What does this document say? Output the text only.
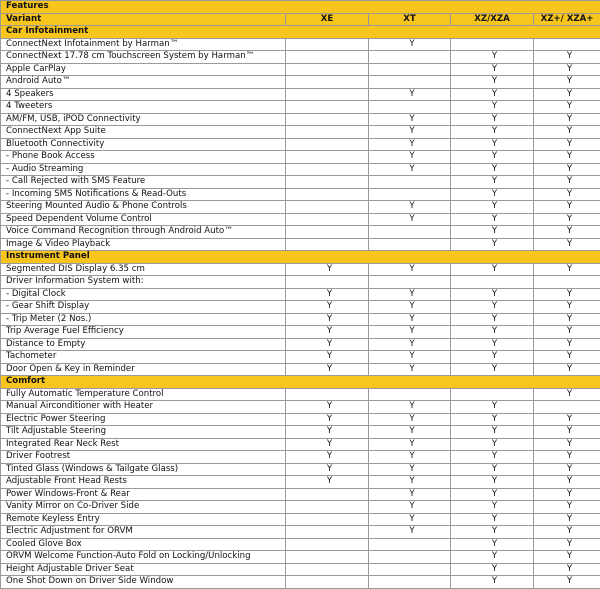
Features				
Variant	XE	XT	XZ/XZA	XZ+/ XZA+
Car Infotainment				
ConnectNext Infotainment by Harman™		Y		
ConnectNext 17.78 cm Touchscreen System by Harman™			Y	Y
Apple CarPlay			Y	Y
Android Auto™			Y	Y
4 Speakers		Y	Y	Y
4 Tweeters			Y	Y
AM/FM, USB, iPOD Connectivity		Y	Y	Y
ConnectNext App Suite		Y	Y	Y
Bluetooth Connectivity		Y	Y	Y
- Phone Book Access		Y	Y	Y
- Audio Streaming		Y	Y	Y
- Call Rejected with SMS Feature			Y	Y
- Incoming SMS Notifications & Read-Outs			Y	Y
Steering Mounted Audio & Phone Controls		Y	Y	Y
Speed Dependent Volume Control		Y	Y	Y
Voice Command Recognition through Android Auto™			Y	Y
Image & Video Playback			Y	Y
Instrument Panel				
Segmented DIS Display 6.35 cm	Y	Y	Y	Y
Driver Information System with:				
- Digital Clock	Y	Y	Y	Y
- Gear Shift Display	Y	Y	Y	Y
- Trip Meter (2 Nos.)	Y	Y	Y	Y
Trip Average Fuel Efficiency	Y	Y	Y	Y
Distance to Empty	Y	Y	Y	Y
Tachometer	Y	Y	Y	Y
Door Open & Key in Reminder	Y	Y	Y	Y
Comfort				
Fully Automatic Temperature Control				Y
Manual Airconditioner with Heater	Y	Y	Y	
Electric Power Steering	Y	Y	Y	Y
Tilt Adjustable Steering	Y	Y	Y	Y
Integrated Rear Neck Rest	Y	Y	Y	Y
Driver Footrest	Y	Y	Y	Y
Tinted Glass (Windows & Tailgate Glass)	Y	Y	Y	Y
Adjustable Front Head Rests	Y	Y	Y	Y
Power Windows-Front & Rear		Y	Y	Y
Vanity Mirror on Co-Driver Side		Y	Y	Y
Remote Keyless Entry		Y	Y	Y
Electric Adjustment for ORVM		Y	Y	Y
Cooled Glove Box			Y	Y
ORVM Welcome Function-Auto Fold on Locking/Unlocking			Y	Y
Height Adjustable Driver Seat			Y	Y
One Shot Down on Driver Side Window			Y	Y
